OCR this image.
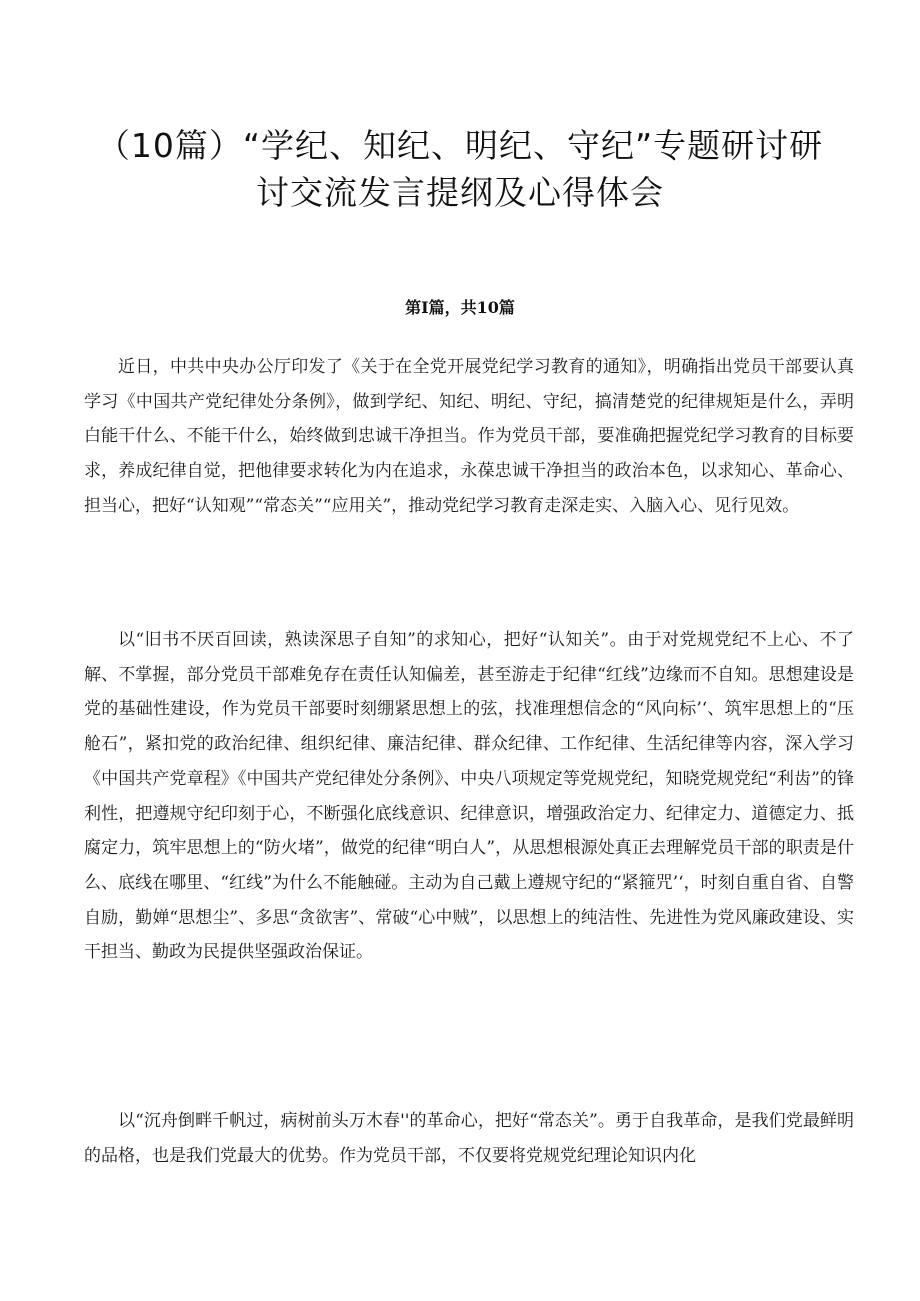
（10篇）“学纪、知纪、明纪、守纪”专题研讨研
讨交流发言提纲及心得体会
第I篇，共10篇

近日，中共中央办公厅印发了《关于在全党开展党纪学习教育的通知》，明确指出党员干部要认真学习《中国共产党纪律处分条例》，做到学纪、知纪、明纪、守纪，搞清楚党的纪律规矩是什么，弄明白能干什么、不能干什么，始终做到忠诚干净担当。作为党员干部，要准确把握党纪学习教育的目标要求，养成纪律自觉，把他律要求转化为内在追求，永葆忠诚干净担当的政治本色，以求知心、革命心、担当心，把好“认知观”“常态关”“应用关”，推动党纪学习教育走深走实、入脑入心、见行见效。

以“旧书不厌百回读，熟读深思子自知”的求知心，把好“认知关”。由于对党规党纪不上心、不了解、不掌握，部分党员干部难免存在责任认知偏差，甚至游走于纪律“红线”边缘而不自知。思想建设是党的基础性建设，作为党员干部要时刻绷紧思想上的弦，找准理想信念的“风向标’‘、筑牢思想上的“压舱石”，紧扣党的政治纪律、组织纪律、廉洁纪律、群众纪律、工作纪律、生活纪律等内容，深入学习《中国共产党章程》《中国共产党纪律处分条例》、中央八项规定等党规党纪，知晓党规党纪“利齿”的锋利性，把遵规守纪印刻于心，不断强化底线意识、纪律意识，增强政治定力、纪律定力、道德定力、抵腐定力，筑牢思想上的“防火堵”，做党的纪律“明白人”，从思想根源处真正去理解党员干部的职责是什么、底线在哪里、“红线”为什么不能触碰。主动为自己戴上遵规守纪的“紧箍咒’‘，时刻自重自省、自警自励，勤婵“思想尘”、多思“贪欲害”、常破“心中贼”，以思想上的纯洁性、先进性为党风廉政建设、实干担当、勤政为民提供坚强政治保证。

以“沉舟倒畔千帆过，病树前头万木春''的革命心，把好“常态关”。勇于自我革命，是我们党最鲜明的品格，也是我们党最大的优势。作为党员干部，不仅要将党规党纪理论知识内化
